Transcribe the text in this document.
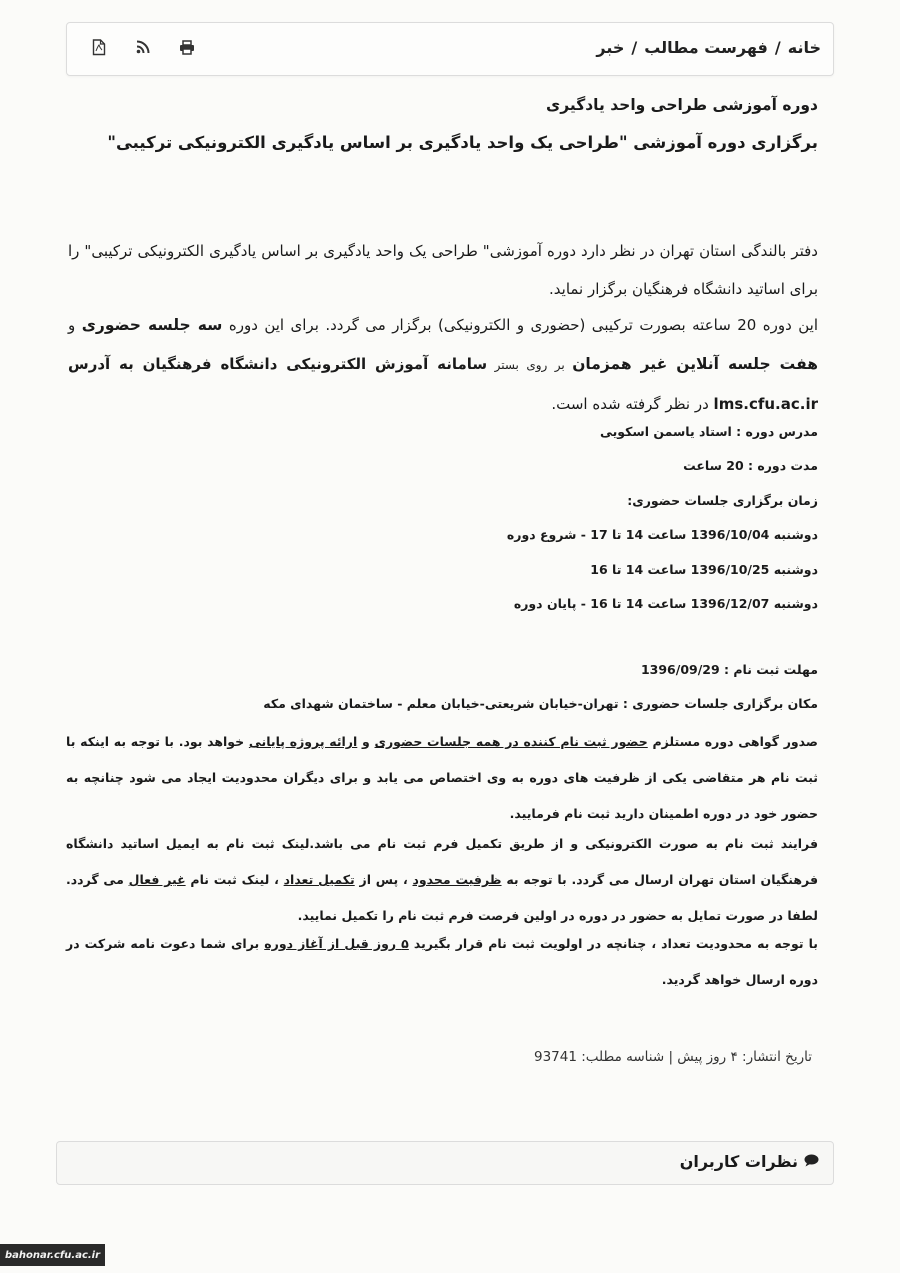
خانه/فهرست مطالب/خبر
دوره آموزشی طراحی واحد یادگیری
برگزاری دوره آموزشی "طراحی یک واحد یادگیری بر اساس یادگیری الکترونیکی ترکیبی"
دفتر بالندگی استان تهران در نظر دارد دوره آموزشی" طراحی یک واحد یادگیری بر اساس یادگیری الکترونیکی ترکیبی" را برای اساتید دانشگاه فرهنگیان برگزار نماید.
این دوره 20 ساعته بصورت ترکیبی (حضوری و الکترونیکی) برگزار می گردد. برای این دوره سه جلسه حضوری و هفت جلسه آنلاین غیر همزمان بر روی بستر سامانه آموزش الکترونیکی دانشگاه فرهنگیان به آدرس lms.cfu.ac.ir در نظر گرفته شده است.
مدرس دوره : استاد یاسمن اسکویی
مدت دوره : 20 ساعت
زمان برگزاری جلسات حضوری:
دوشنبه 1396/10/04 ساعت 14 تا 17 - شروع دوره
دوشنبه 1396/10/25 ساعت 14 تا 16
دوشنبه 1396/12/07 ساعت 14 تا 16 - پایان دوره
مهلت ثبت نام : 1396/09/29
مکان برگزاری جلسات حضوری : تهران-خیابان شریعتی-خیابان معلم - ساختمان شهدای مکه
صدور گواهی دوره مستلزم حضور ثبت نام کننده در همه جلسات حضوری و ارائه پروژه پایانی خواهد بود. با توجه به اینکه با ثبت نام هر متقاضی یکی از ظرفیت های دوره به وی اختصاص می یابد و برای دیگران محدودیت ایجاد می شود چنانچه به حضور خود در دوره اطمینان دارید ثبت نام فرمایید.
فرایند ثبت نام به صورت الکترونیکی و از طریق تکمیل فرم ثبت نام می باشد.لینک ثبت نام به ایمیل اساتید دانشگاه فرهنگیان استان تهران ارسال می گردد. با توجه به ظرفیت محدود ، پس از تکمیل تعداد ، لینک ثبت نام غیر فعال می گردد. لطفا در صورت تمایل به حضور در دوره در اولین فرصت فرم ثبت نام را تکمیل نمایید.
با توجه به محدودیت تعداد ، چنانچه در اولویت ثبت نام قرار بگیرید ۵ روز قبل از آغاز دوره برای شما دعوت نامه شرکت در دوره ارسال خواهد گردید.
تاریخ انتشار: ۴ روز پیش | شناسه مطلب: 93741
نظرات کاربران
bahonar.cfu.ac.ir
